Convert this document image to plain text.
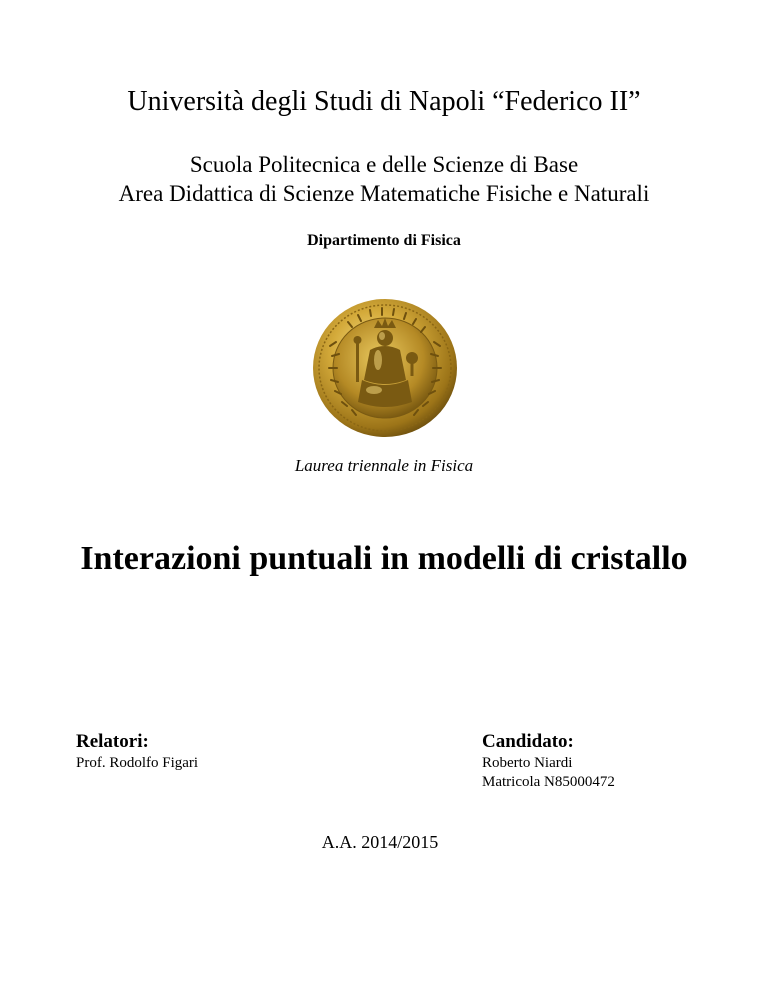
Università degli Studi di Napoli “Federico II”
Scuola Politecnica e delle Scienze di Base
Area Didattica di Scienze Matematiche Fisiche e Naturali
Dipartimento di Fisica
Laurea triennale in Fisica
Interazioni puntuali in modelli di cristallo
Relatori:
Prof. Rodolfo Figari
Candidato:
Roberto Niardi
Matricola N85000472
A.A. 2014/2015
